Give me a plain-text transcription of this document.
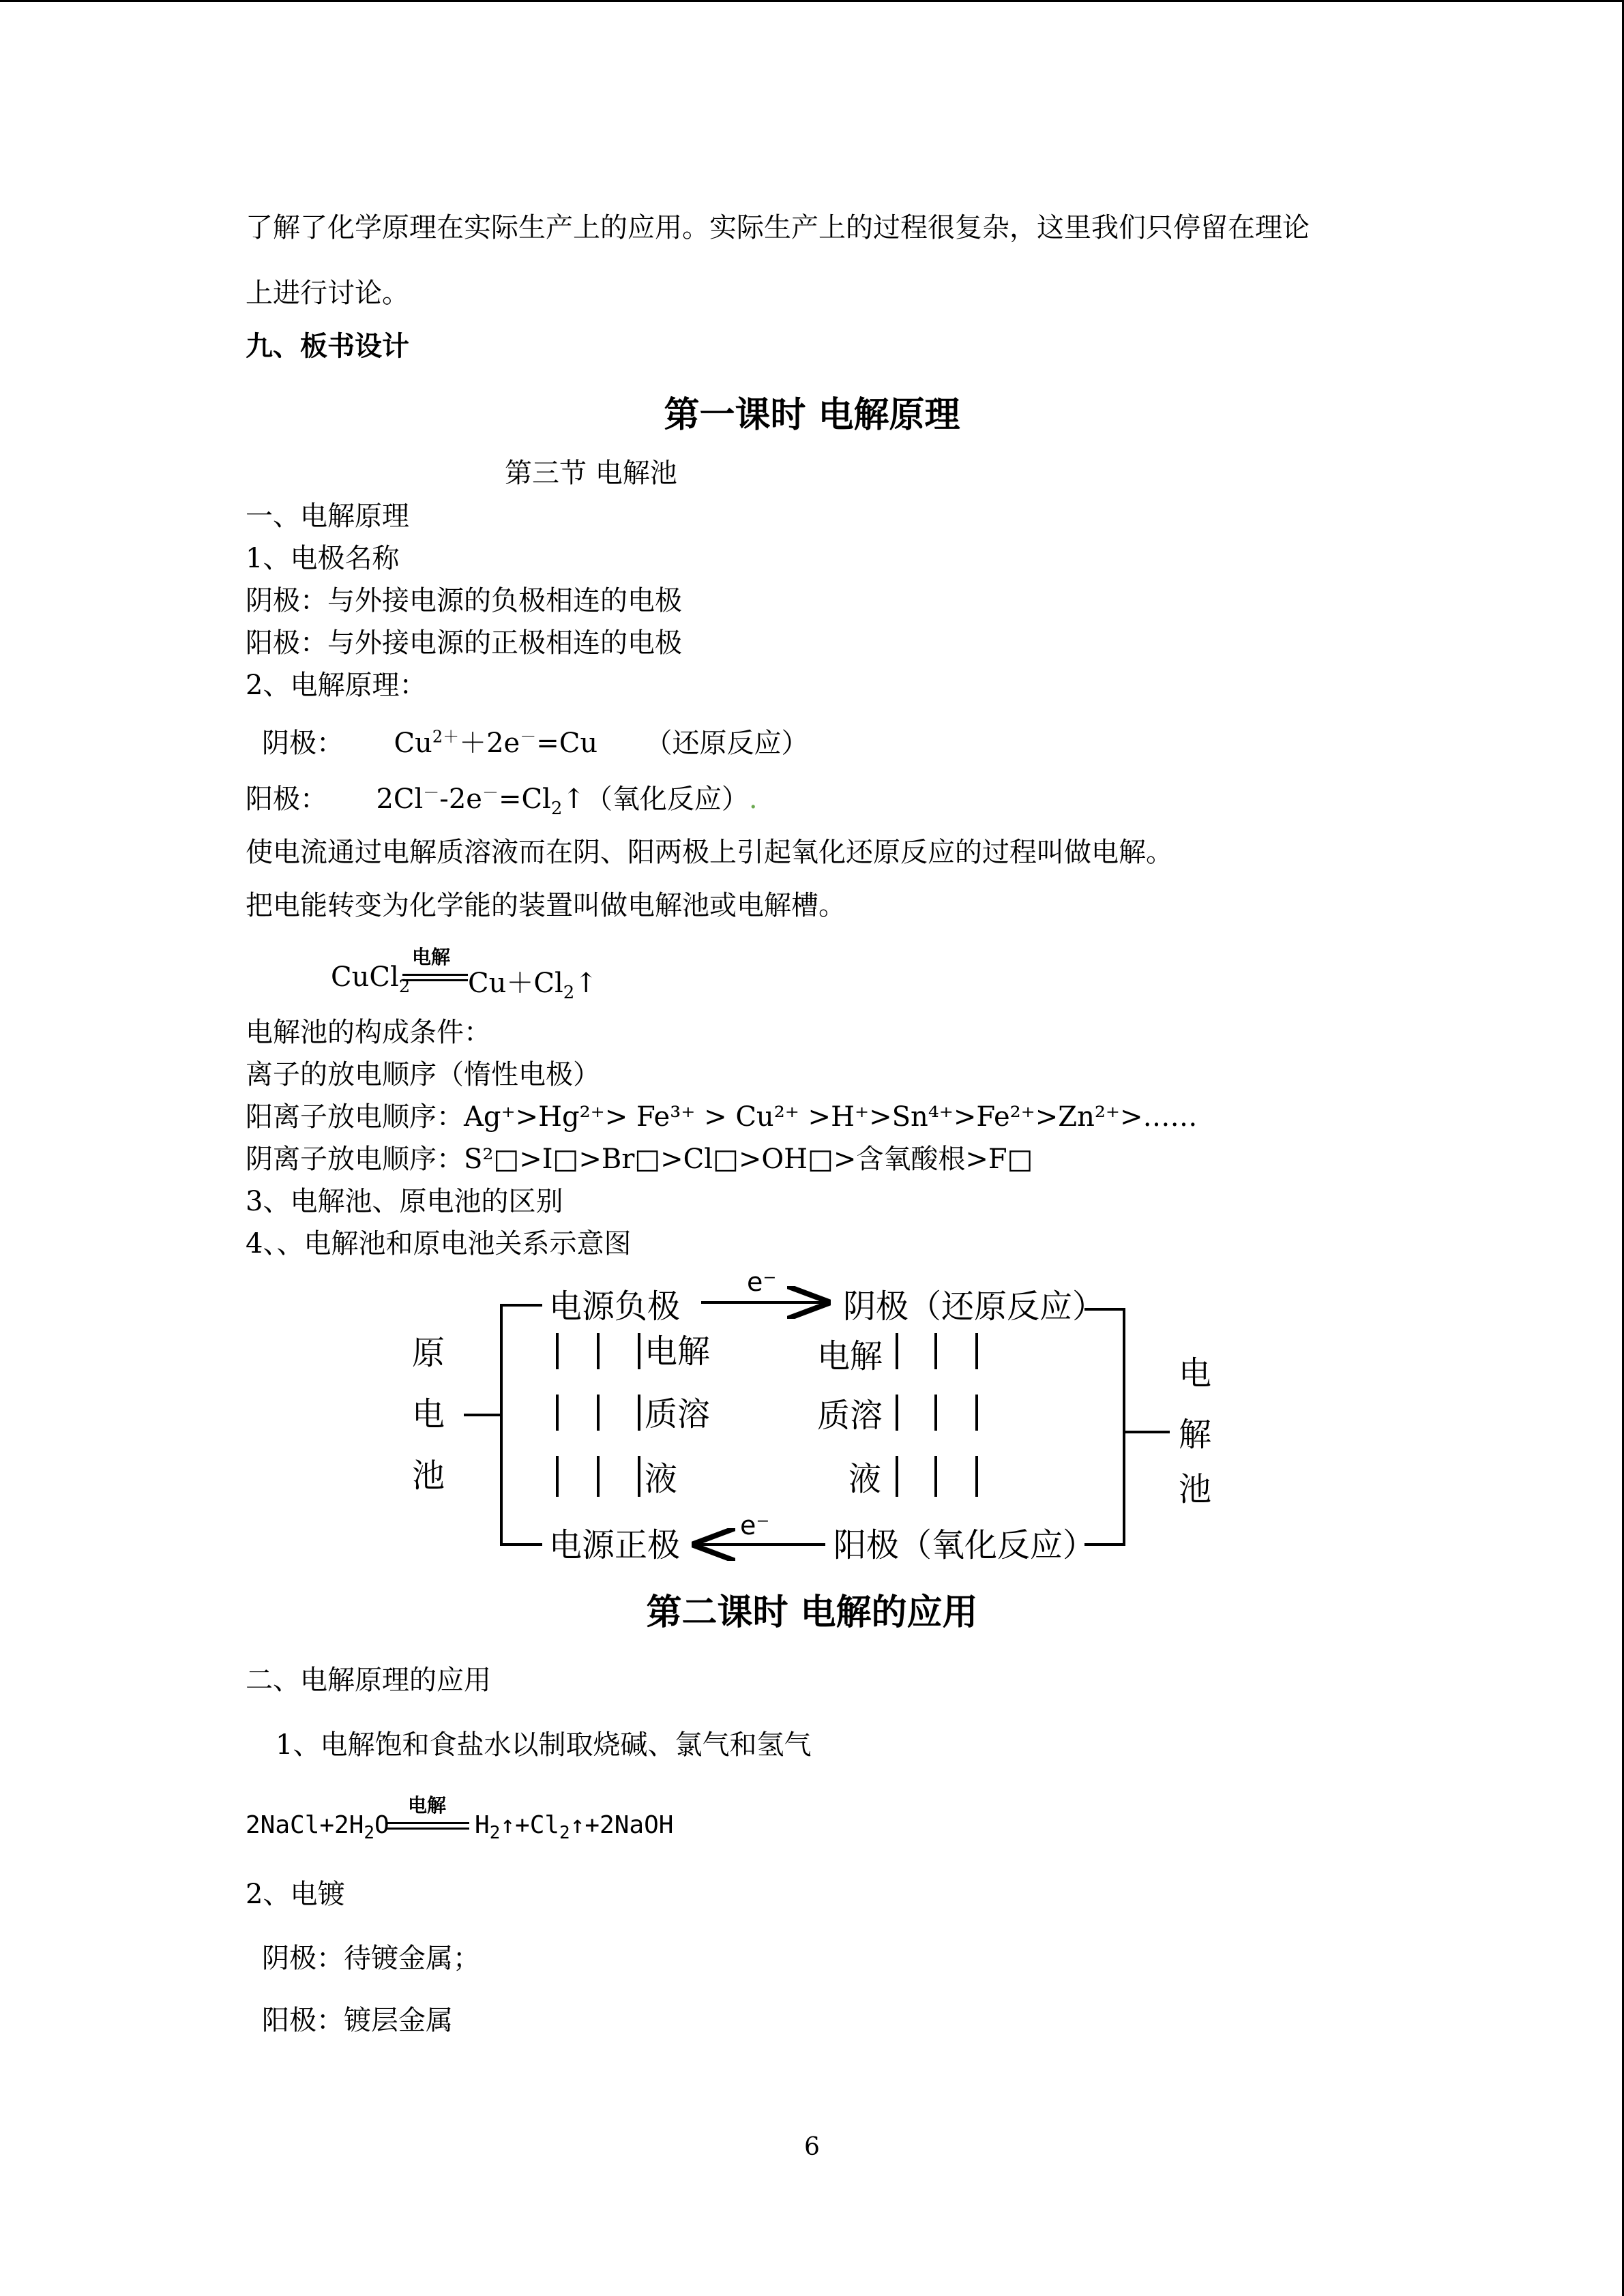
了解了化学原理在实际生产上的应用。实际生产上的过程很复杂，这里我们只停留在理论
上进行讨论。
九、板书设计
第一课时 电解原理
第三节 电解池
一、电解原理
1、电极名称
阴极：与外接电源的负极相连的电极
阳极：与外接电源的正极相连的电极
2、电解原理：
阴极： $Cu^{2+}+2e^-=Cu$ （还原反应）
阳极： $2Cl^--2e^-=Cl_2↑$（氧化反应）.
使电流通过电解质溶液而在阴、阳两极上引起氧化还原反应的过程叫做电解。
把电能转变为化学能的装置叫做电解池或电解槽。
CuCl$_2$
电解
$Cu+Cl_2↑$
电解池的构成条件：
离子的放电顺序（惰性电极）
阳离子放电顺序：Ag⁺>Hg²⁺> Fe³⁺ > Cu²⁺ >H⁺>Sn⁴⁺>Fe²⁺>Zn²⁺>……
阴离子放电顺序：S²□>I□>Br□>Cl□>OH□>含氧酸根>F□
3、电解池、原电池的区别
4、、电解池和原电池关系示意图
原
电
池
电
解
池
电源负极	阴极（还原反应）
电源正极	阳极（氧化反应）
电解
质溶
液
电解
质溶
液
e⁻
e⁻
第二课时 电解的应用
二、电解原理的应用
1、电解饱和食盐水以制取烧碱、氯气和氢气
$2NaCl+2H_2O$
电解
$H_2↑+Cl_2↑+2NaOH$
2、电镀
阴极：待镀金属；
阳极：镀层金属
6
